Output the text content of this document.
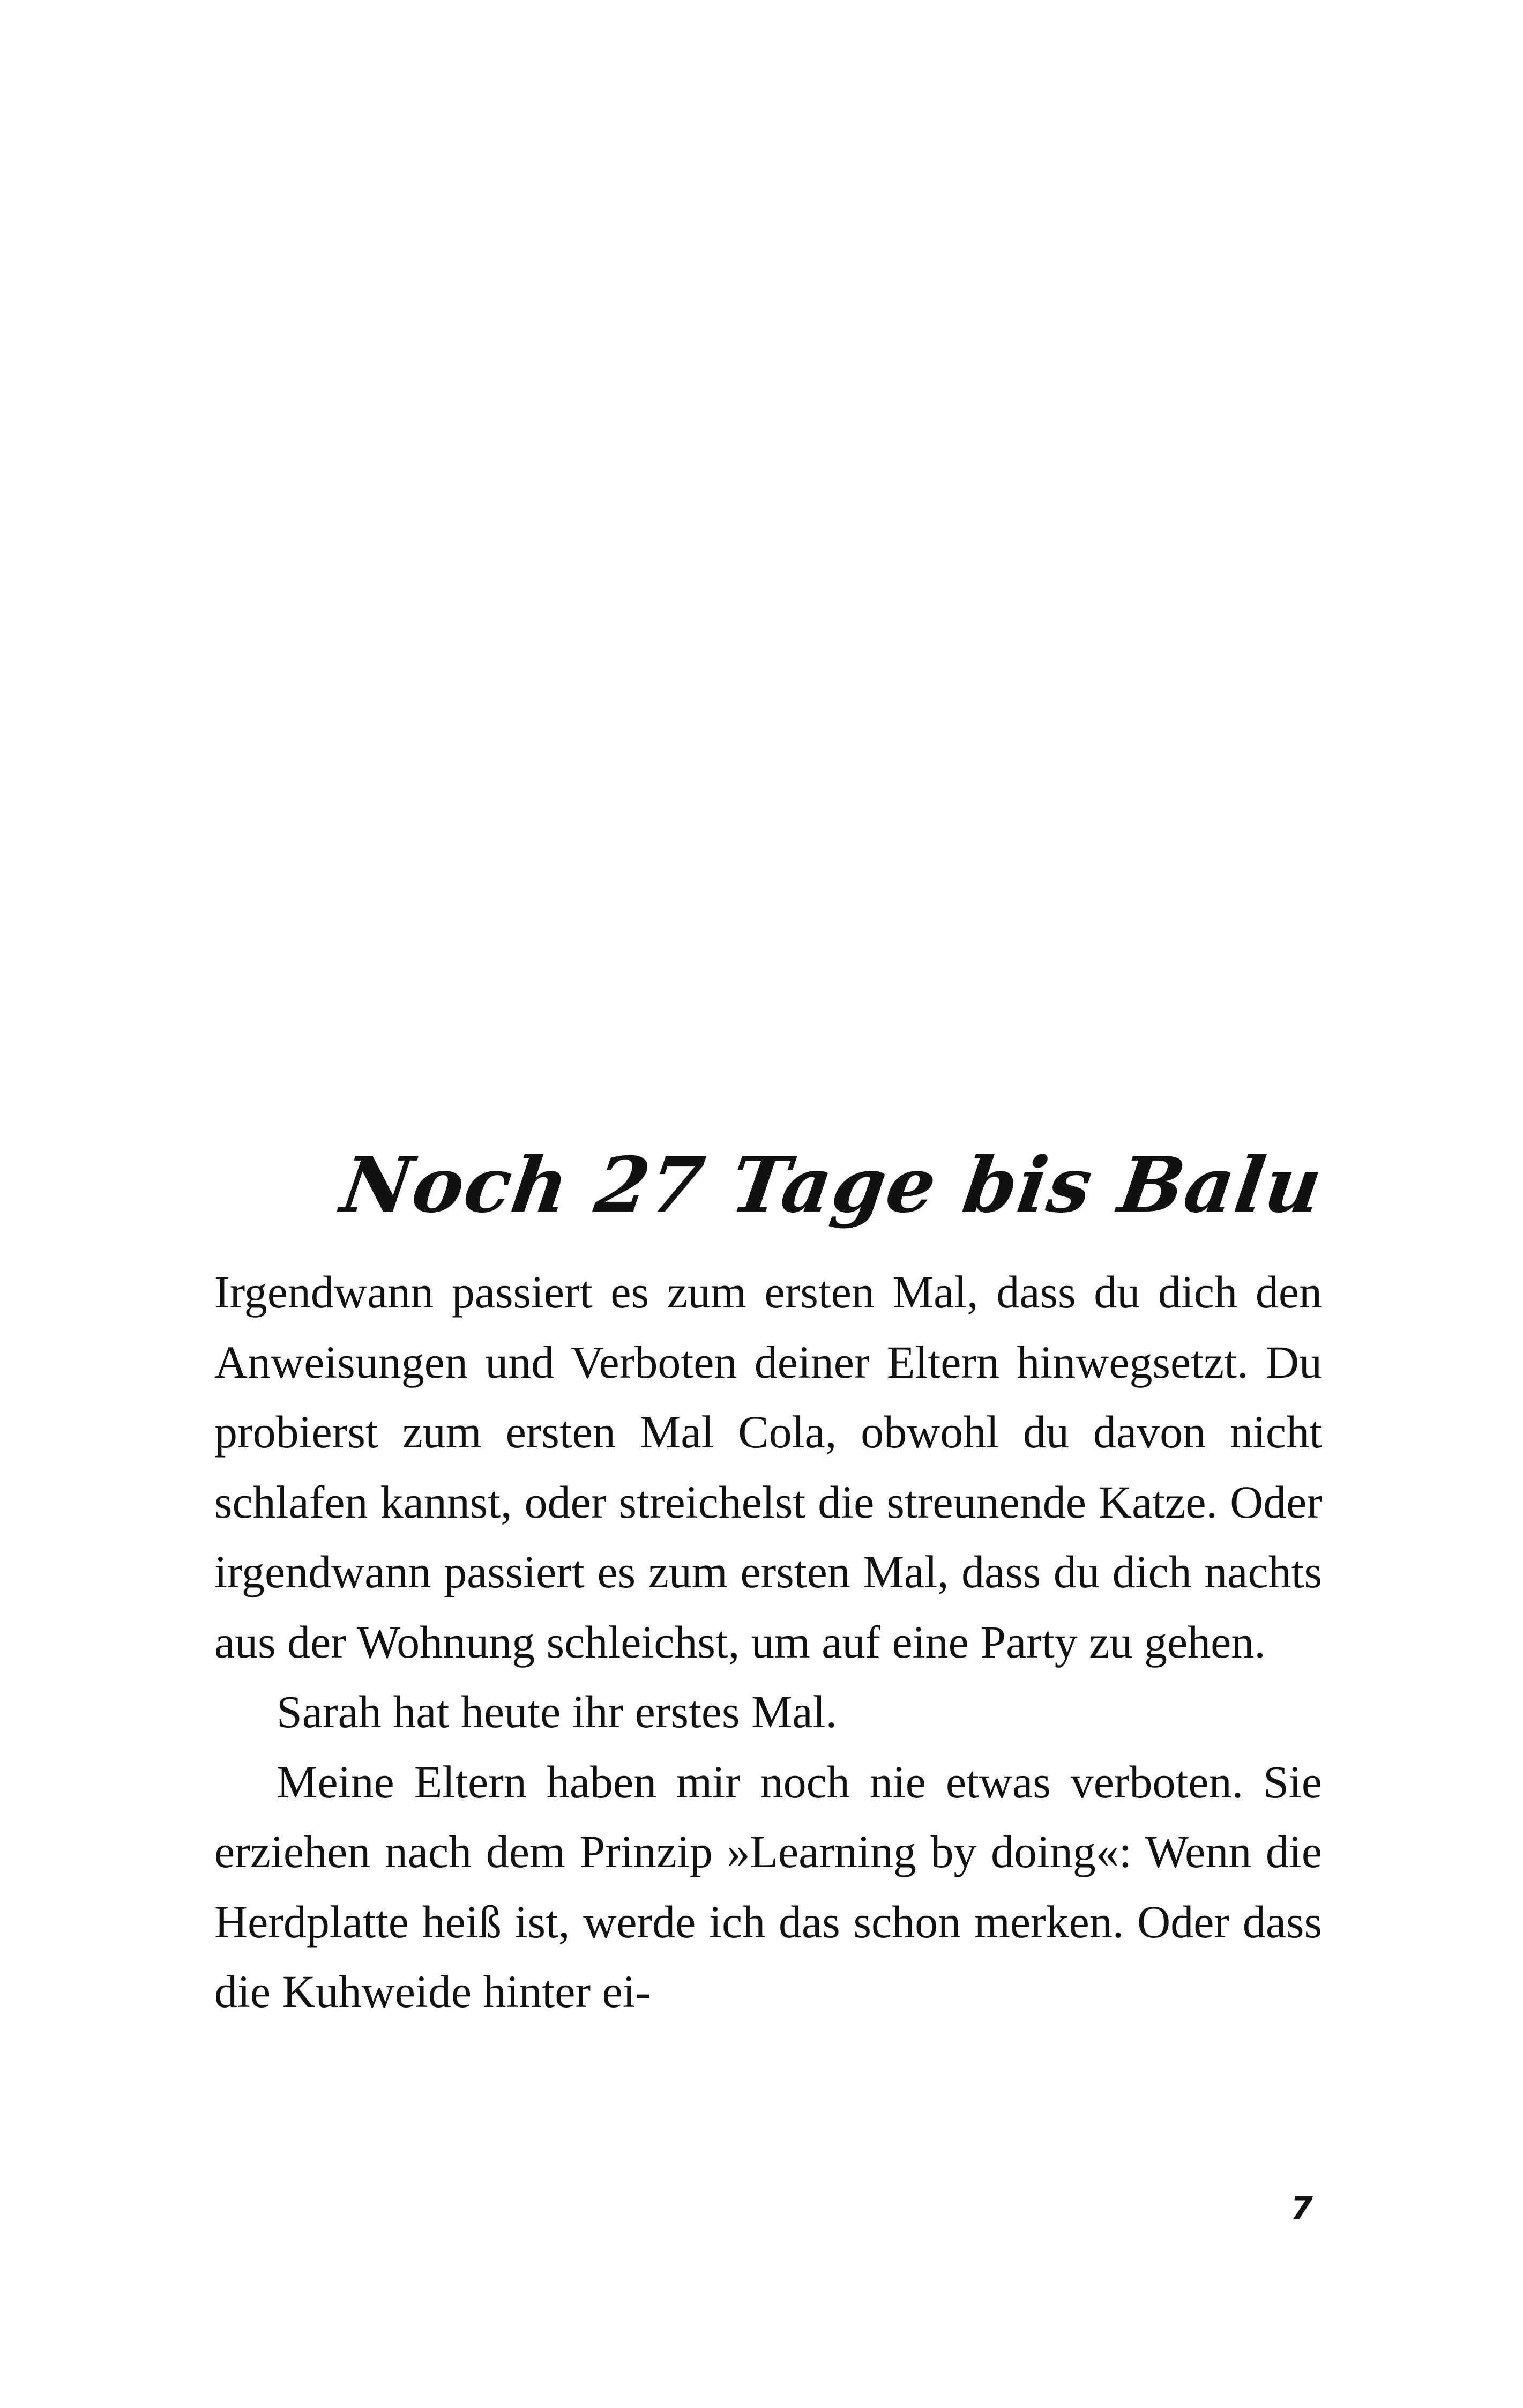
Noch 27 Tage bis Balu

Irgendwann passiert es zum ersten Mal, dass du dich den Anweisungen und Verboten deiner Eltern hinwegsetzt. Du probierst zum ersten Mal Cola, obwohl du davon nicht schlafen kannst, oder streichelst die streunende Katze. Oder irgendwann passiert es zum ersten Mal, dass du dich nachts aus der Wohnung schleichst, um auf eine Party zu gehen.

Sarah hat heute ihr erstes Mal.

Meine Eltern haben mir noch nie etwas verboten. Sie erziehen nach dem Prinzip »Learning by doing«: Wenn die Herdplatte heiß ist, werde ich das schon merken. Oder dass die Kuhweide hinter ei-

7
